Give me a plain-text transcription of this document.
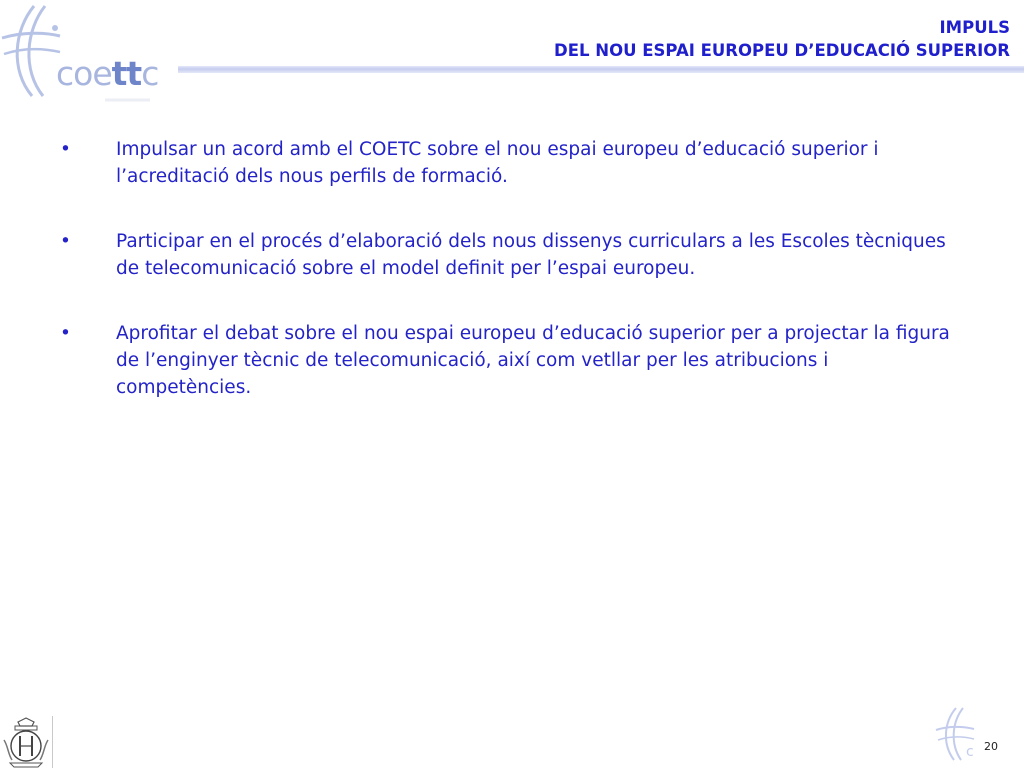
coettc
IMPULS
DEL NOU ESPAI EUROPEU D’EDUCACIÓ SUPERIOR
• Impulsar un acord amb el COETC sobre el nou espai europeu d’educació superior i l’acreditació dels nous perfils de formació.
• Participar en el procés d’elaboració dels nous dissenys curriculars a les Escoles tècniques de telecomunicació sobre el model definit per l’espai europeu.
• Aprofitar el debat sobre el nou espai europeu d’educació superior per a projectar la figura de l’enginyer tècnic de telecomunicació, així com vetllar per les atribucions i competències.
c 20
